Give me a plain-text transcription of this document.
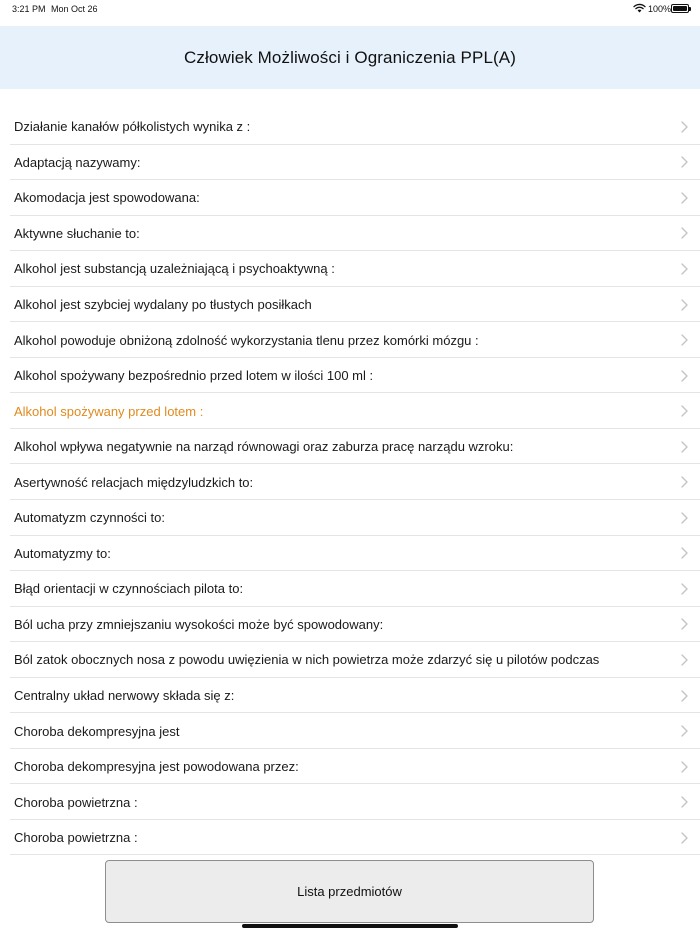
3:21 PM Mon Oct 26	100%
Człowiek Możliwości i Ograniczenia PPL(A)
Działanie kanałów półkolistych wynika z :
Adaptacją nazywamy:
Akomodacja jest spowodowana:
Aktywne słuchanie to:
Alkohol jest substancją uzależniającą i psychoaktywną :
Alkohol jest szybciej wydalany po tłustych posiłkach
Alkohol powoduje obniżoną zdolność wykorzystania tlenu przez komórki mózgu :
Alkohol spożywany bezpośrednio przed lotem w ilości 100 ml :
Alkohol spożywany przed lotem :
Alkohol wpływa negatywnie na narząd równowagi oraz zaburza pracę narządu wzroku:
Asertywność relacjach międzyludzkich to:
Automatyzm czynności to:
Automatyzmy to:
Błąd orientacji w czynnościach pilota to:
Ból ucha przy zmniejszaniu wysokości może być spowodowany:
Ból zatok obocznych nosa z powodu uwięzienia w nich powietrza może zdarzyć się u pilotów podczas
Centralny układ nerwowy składa się z:
Choroba dekompresyjna jest
Choroba dekompresyjna jest powodowana przez:
Choroba powietrzna :
Choroba powietrzna :
Lista przedmiotów
